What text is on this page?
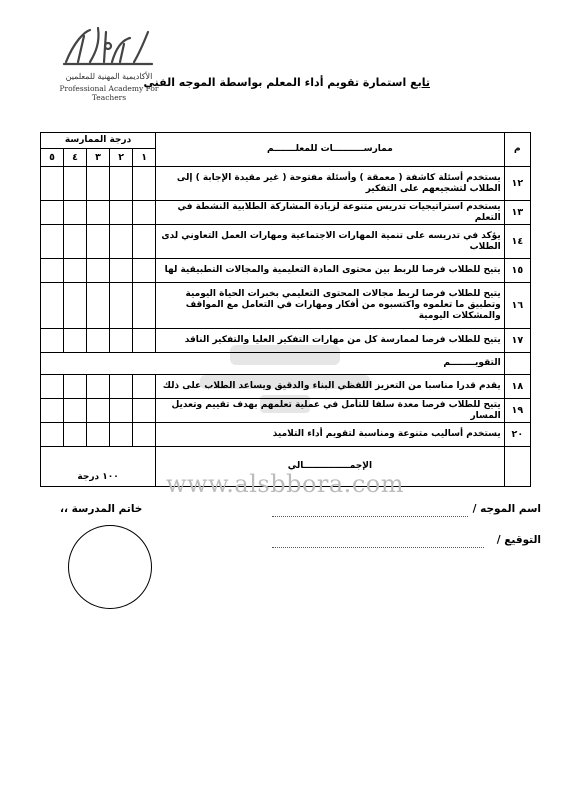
الأكاديمية المهنية للمعلمين
Professional Academy For Teachers
تابع استمارة تقويم أداء المعلم بواسطة الموجه الفنى
م	ممارســــــــــات للمعلـــــــم	درجة الممارسة				
		١	٢	٣	٤	٥
١٢	يستخدم أسئلة كاشفة ( معمقة ) وأسئلة مفتوحة ( غير مقيدة الإجابة ) إلى الطلاب لتشجيعهم على التفكير					
١٣	يستخدم استراتيجيات تدريس متنوعة لزيادة المشاركة الطلابية النشطة في التعلم					
١٤	يؤكد في تدريسه على تنمية المهارات الاجتماعية ومهارات العمل التعاوني لدى الطلاب					
١٥	يتيح للطلاب فرصا للربط بين محتوى المادة التعليمية والمجالات التطبيقية لها					
١٦	يتيح للطلاب فرصا لربط مجالات المحتوى التعليمي بخبرات الحياة اليومية وتطبيق ما تعلموه واكتسبوه من أفكار ومهارات في التعامل مع المواقف والمشكلات اليومية					
١٧	يتيح للطلاب فرصا لممارسة كل من مهارات التفكير العليا والتفكير الناقد					
	التقويــــــــم					
١٨	يقدم قدرا مناسبا من التعزيز اللفظي البناء والدقيق ويساعد الطلاب على ذلك					
١٩	يتيح للطلاب فرصا معدة سلفا للتأمل في عملية تعلمهم بهدف تقييم وتعديل المسار					
٢٠	يستخدم أساليب متنوعة ومناسبة لتقويم أداء التلاميذ					
	الإجمـــــــــــــــالي	١٠٠ درجة					www.alsbbora.com
اسم الموجه /
التوقيع /
خاتم المدرسة ،،
